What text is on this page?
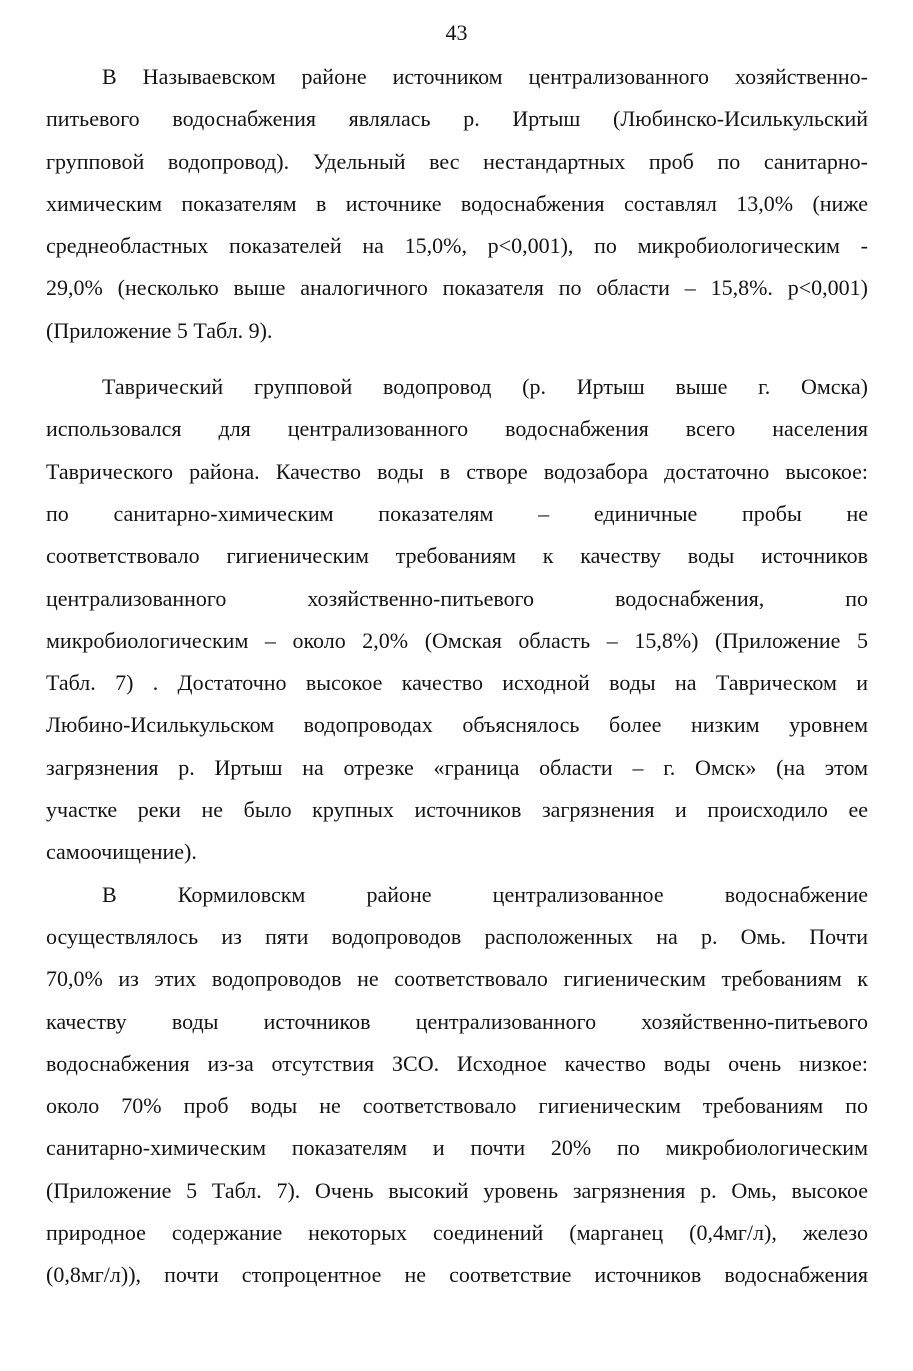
43
В Называевском районе источником централизованного хозяйственно-
питьевого водоснабжения являлась р. Иртыш (Любинско-Исилькульский
групповой водопровод). Удельный вес нестандартных проб по санитарно-
химическим показателям в источнике водоснабжения составлял 13,0% (ниже
среднеобластных показателей на 15,0%, р<0,001), по микробиологическим -
29,0% (несколько выше аналогичного показателя по области – 15,8%. р<0,001)
(Приложение 5 Табл. 9).
Таврический групповой водопровод (р. Иртыш выше г. Омска)
использовался для централизованного водоснабжения всего населения
Таврического района. Качество воды в створе водозабора достаточно высокое:
по санитарно-химическим показателям – единичные пробы не
соответствовало гигиеническим требованиям к качеству воды источников
централизованного хозяйственно-питьевого водоснабжения, по
микробиологическим – около 2,0% (Омская область – 15,8%) (Приложение 5
Табл. 7) . Достаточно высокое качество исходной воды на Таврическом и
Любино-Исилькульском водопроводах объяснялось более низким уровнем
загрязнения р. Иртыш на отрезке «граница области – г. Омск» (на этом
участке реки не было крупных источников загрязнения и происходило ее
самоочищение).
В Кормиловскм районе централизованное водоснабжение
осуществлялось из пяти водопроводов расположенных на р. Омь. Почти
70,0% из этих водопроводов не соответствовало гигиеническим требованиям к
качеству воды источников централизованного хозяйственно-питьевого
водоснабжения из-за отсутствия ЗСО. Исходное качество воды очень низкое:
около 70% проб воды не соответствовало гигиеническим требованиям по
санитарно-химическим показателям и почти 20% по микробиологическим
(Приложение 5 Табл. 7). Очень высокий уровень загрязнения р. Омь, высокое
природное содержание некоторых соединений (марганец (0,4мг/л), железо
(0,8мг/л)), почти стопроцентное не соответствие источников водоснабжения
